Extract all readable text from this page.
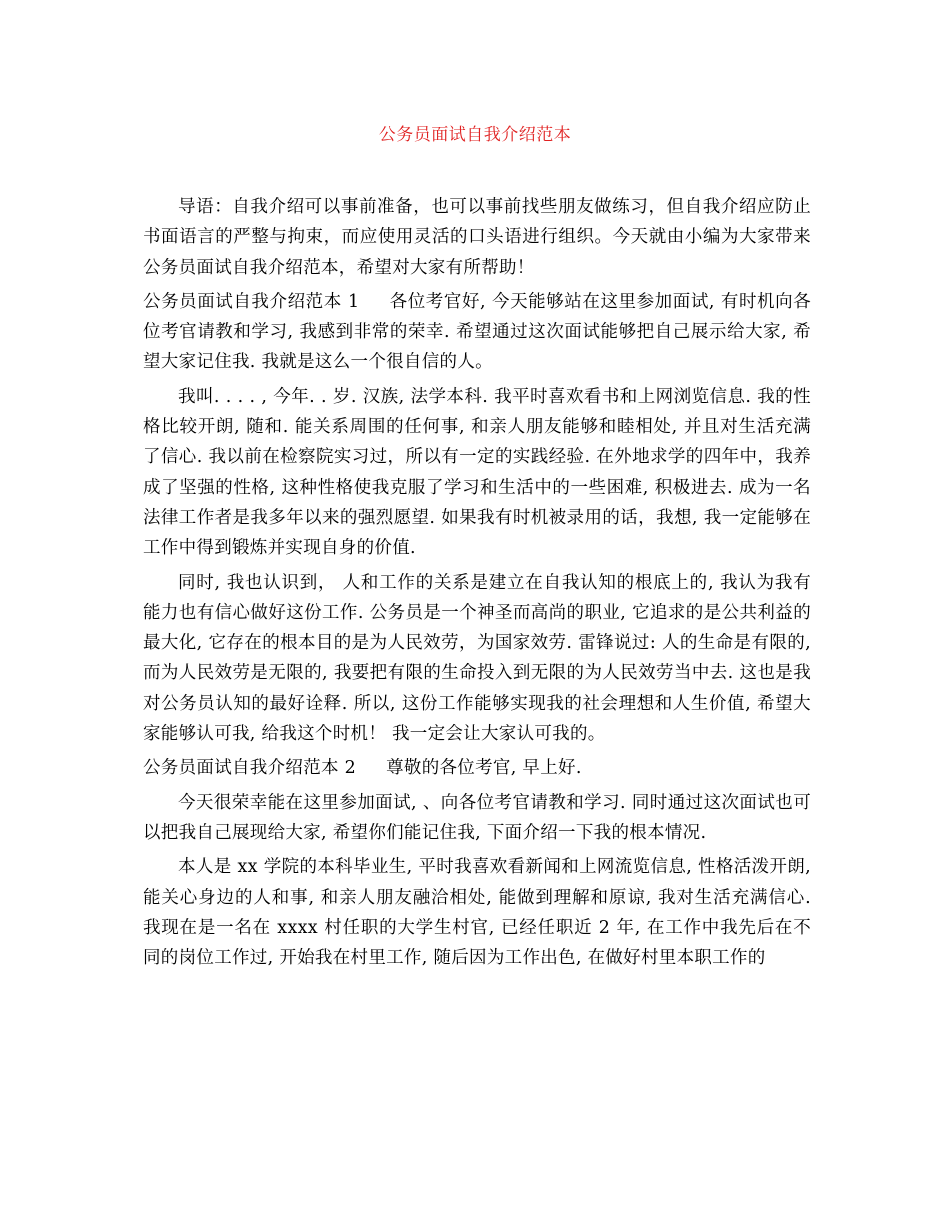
公务员面试自我介绍范本

导语：自我介绍可以事前准备，也可以事前找些朋友做练习，但自我介绍应防止书面语言的严整与拘束，而应使用灵活的口头语进行组织。今天就由小编为大家带来公务员面试自我介绍范本，希望对大家有所帮助！

公务员面试自我介绍范本 1 各位考官好, 今天能够站在这里参加面试, 有时机向各位考官请教和学习, 我感到非常的荣幸. 希望通过这次面试能够把自己展示给大家, 希望大家记住我. 我就是这么一个很自信的人。

我叫. . . . , 今年. . 岁. 汉族, 法学本科. 我平时喜欢看书和上网浏览信息. 我的性格比较开朗, 随和. 能关系周围的任何事, 和亲人朋友能够和睦相处, 并且对生活充满了信心. 我以前在检察院实习过，所以有一定的实践经验. 在外地求学的四年中，我养成了坚强的性格, 这种性格使我克服了学习和生活中的一些困难, 积极进去. 成为一名法律工作者是我多年以来的强烈愿望. 如果我有时机被录用的话，我想, 我一定能够在工作中得到锻炼并实现自身的价值.

同时, 我也认识到， 人和工作的关系是建立在自我认知的根底上的, 我认为我有能力也有信心做好这份工作. 公务员是一个神圣而高尚的职业, 它追求的是公共利益的最大化, 它存在的根本目的是为人民效劳，为国家效劳. 雷锋说过: 人的生命是有限的, 而为人民效劳是无限的, 我要把有限的生命投入到无限的为人民效劳当中去. 这也是我对公务员认知的最好诠释. 所以, 这份工作能够实现我的社会理想和人生价值, 希望大家能够认可我, 给我这个时机！ 我一定会让大家认可我的。

公务员面试自我介绍范本 2 尊敬的各位考官, 早上好.

今天很荣幸能在这里参加面试, 、向各位考官请教和学习. 同时通过这次面试也可以把我自己展现给大家, 希望你们能记住我, 下面介绍一下我的根本情况.

本人是 xx 学院的本科毕业生, 平时我喜欢看新闻和上网流览信息, 性格活泼开朗, 能关心身边的人和事, 和亲人朋友融洽相处, 能做到理解和原谅, 我对生活充满信心. 我现在是一名在 xxxx 村任职的大学生村官, 已经任职近 2 年, 在工作中我先后在不同的岗位工作过, 开始我在村里工作, 随后因为工作出色, 在做好村里本职工作的
